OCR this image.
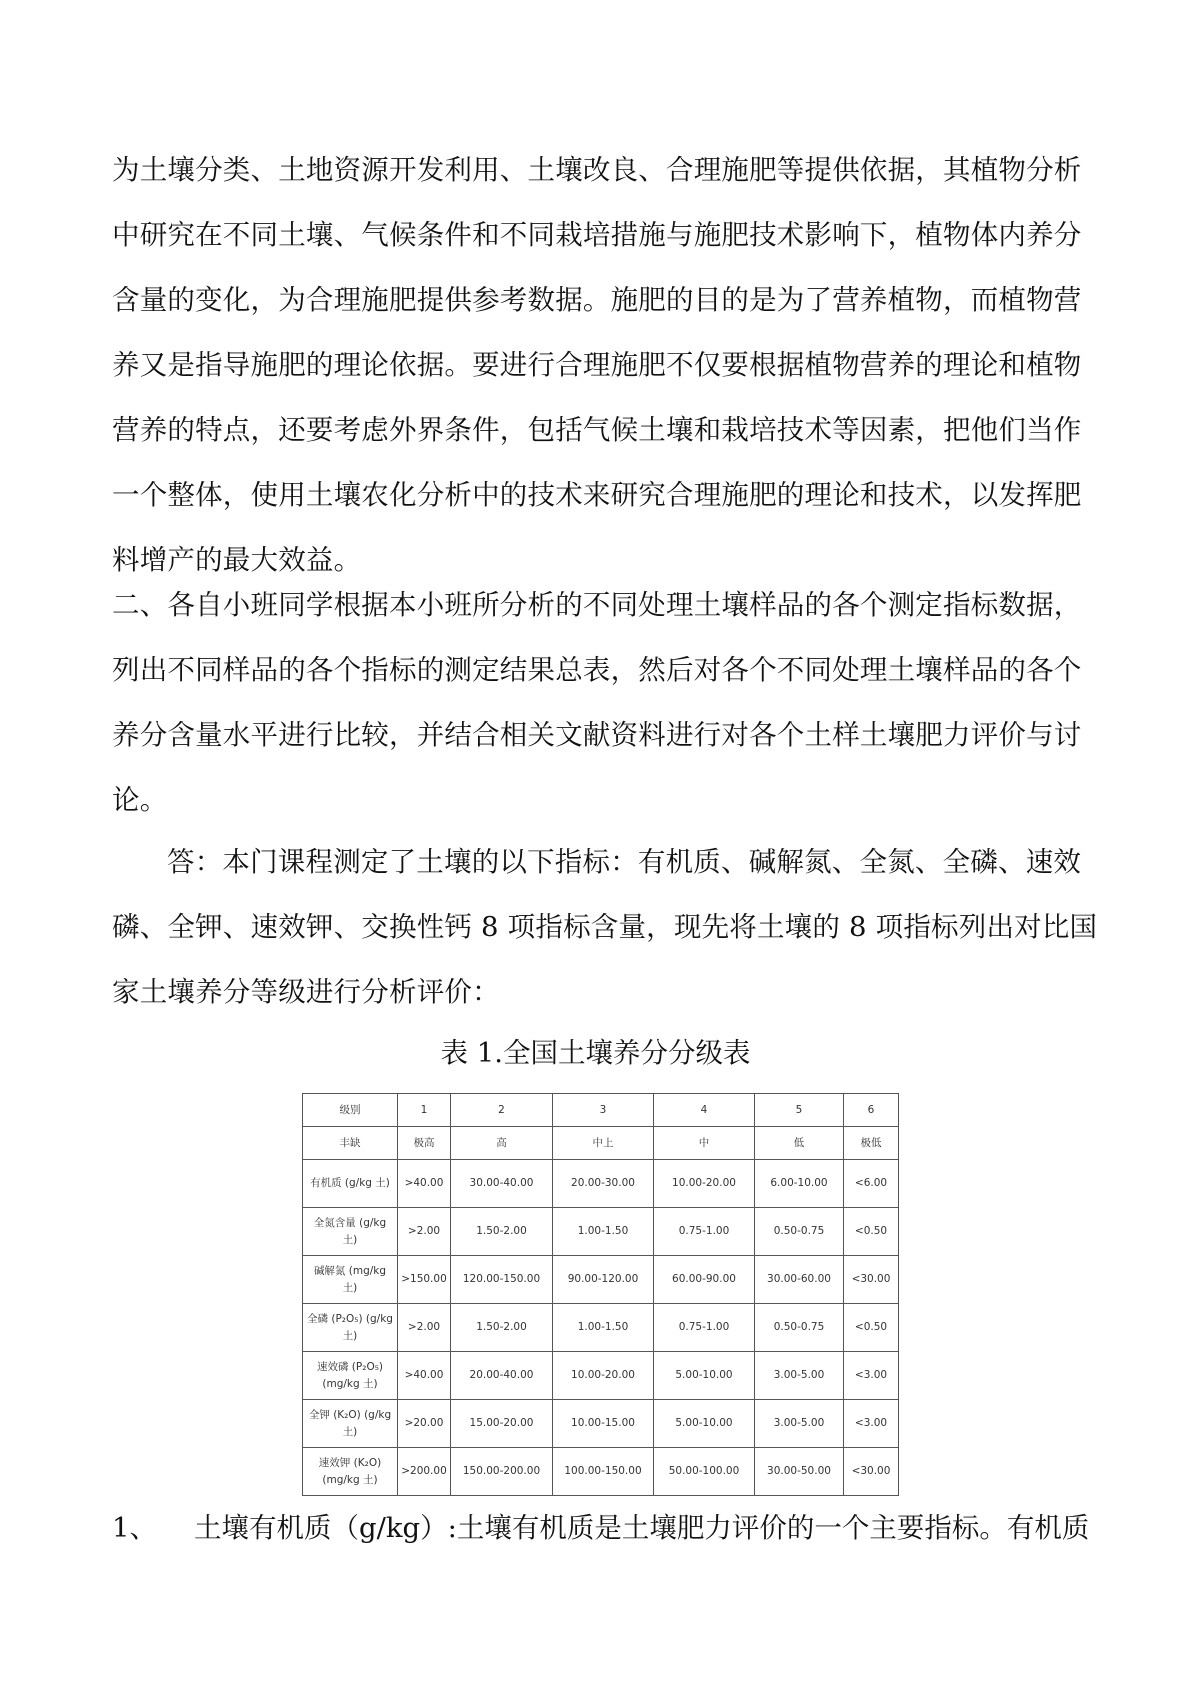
为土壤分类、土地资源开发利用、土壤改良、合理施肥等提供依据，其植物分析
中研究在不同土壤、气候条件和不同栽培措施与施肥技术影响下，植物体内养分
含量的变化，为合理施肥提供参考数据。施肥的目的是为了营养植物，而植物营
养又是指导施肥的理论依据。要进行合理施肥不仅要根据植物营养的理论和植物
营养的特点，还要考虑外界条件，包括气候土壤和栽培技术等因素，把他们当作
一个整体，使用土壤农化分析中的技术来研究合理施肥的理论和技术，以发挥肥
料增产的最大效益。
二、各自小班同学根据本小班所分析的不同处理土壤样品的各个测定指标数据，
列出不同样品的各个指标的测定结果总表，然后对各个不同处理土壤样品的各个
养分含量水平进行比较，并结合相关文献资料进行对各个土样土壤肥力评价与讨
论。
答：本门课程测定了土壤的以下指标：有机质、碱解氮、全氮、全磷、速效
磷、全钾、速效钾、交换性钙 8 项指标含量，现先将土壤的 8 项指标列出对比国
家土壤养分等级进行分析评价：
表 1.全国土壤养分分级表
级别	1	2	3	4	5	6
丰缺	极高	高	中上	中	低	极低
有机质 (g/kg 土)	>40.00	30.00-40.00	20.00-30.00	10.00-20.00	6.00-10.00	<6.00
全氮含量 (g/kg 土)	>2.00	1.50-2.00	1.00-1.50	0.75-1.00	0.50-0.75	<0.50
碱解氮 (mg/kg 土)	>150.00	120.00-150.00	90.00-120.00	60.00-90.00	30.00-60.00	<30.00
全磷 (P₂O₅) (g/kg 土)	>2.00	1.50-2.00	1.00-1.50	0.75-1.00	0.50-0.75	<0.50
速效磷 (P₂O₅) (mg/kg 土)	>40.00	20.00-40.00	10.00-20.00	5.00-10.00	3.00-5.00	<3.00
全钾 (K₂O) (g/kg 土)	>20.00	15.00-20.00	10.00-15.00	5.00-10.00	3.00-5.00	<3.00
速效钾 (K₂O) (mg/kg 土)	>200.00	150.00-200.00	100.00-150.00	50.00-100.00	30.00-50.00	<30.00
1、 土壤有机质（g/kg）:土壤有机质是土壤肥力评价的一个主要指标。有机质
